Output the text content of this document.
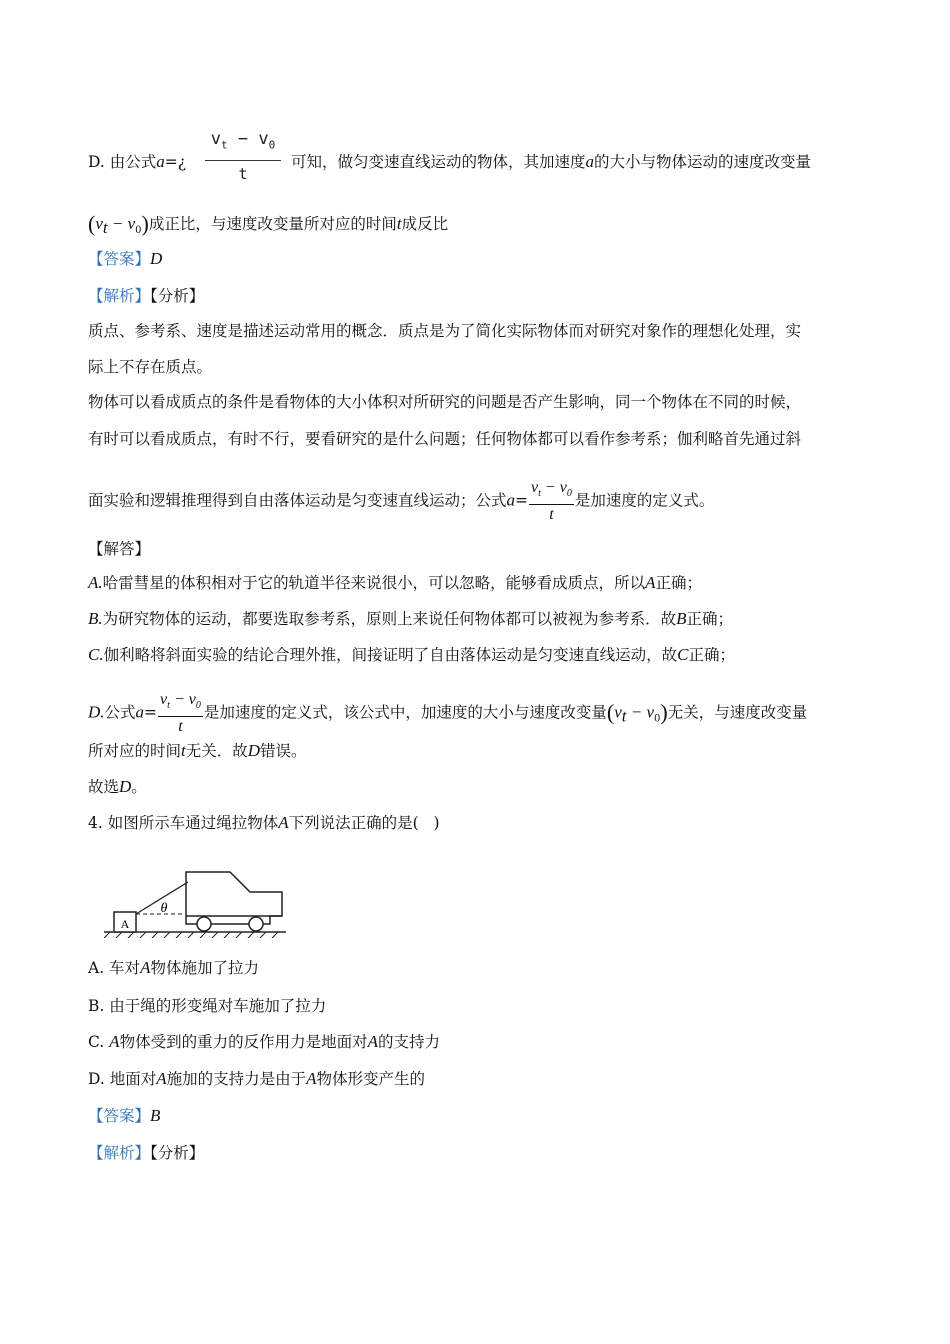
D. 由公式a=¿ $\frac{v_t - v_0}{t}$ 可知，做匀变速直线运动的物体，其加速度a的大小与物体运动的速度改变量
$(v_t - v_0)$成正比，与速度改变量所对应的时间t成反比
【答案】D
【解析】【分析】
质点、参考系、速度是描述运动常用的概念．质点是为了简化实际物体而对研究对象作的理想化处理，实
际上不存在质点。
物体可以看成质点的条件是看物体的大小体积对所研究的问题是否产生影响，同一个物体在不同的时候，
有时可以看成质点，有时不行，要看研究的是什么问题；任何物体都可以看作参考系；伽利略首先通过斜
面实验和逻辑推理得到自由落体运动是匀变速直线运动；公式$a= \frac{v_t - v_0}{t}$ 是加速度的定义式。
【解答】
A.哈雷彗星的体积相对于它的轨道半径来说很小，可以忽略，能够看成质点，所以A正确；
B.为研究物体的运动，都要选取参考系，原则上来说任何物体都可以被视为参考系．故B正确；
C.伽利略将斜面实验的结论合理外推，间接证明了自由落体运动是匀变速直线运动，故C正确；
D.公式$a= \frac{v_t - v_0}{t}$ 是加速度的定义式，该公式中，加速度的大小与速度改变量$(v_t - v_0)$无关，与速度改变量
所对应的时间t无关．故D错误。
故选D。
4. 如图所示车通过绳拉物体A下列说法正确的是( )
A
θ
A. 车对A物体施加了拉力
B. 由于绳的形变绳对车施加了拉力
C. A物体受到的重力的反作用力是地面对A的支持力
D. 地面对A施加的支持力是由于A物体形变产生的
【答案】B
【解析】【分析】
